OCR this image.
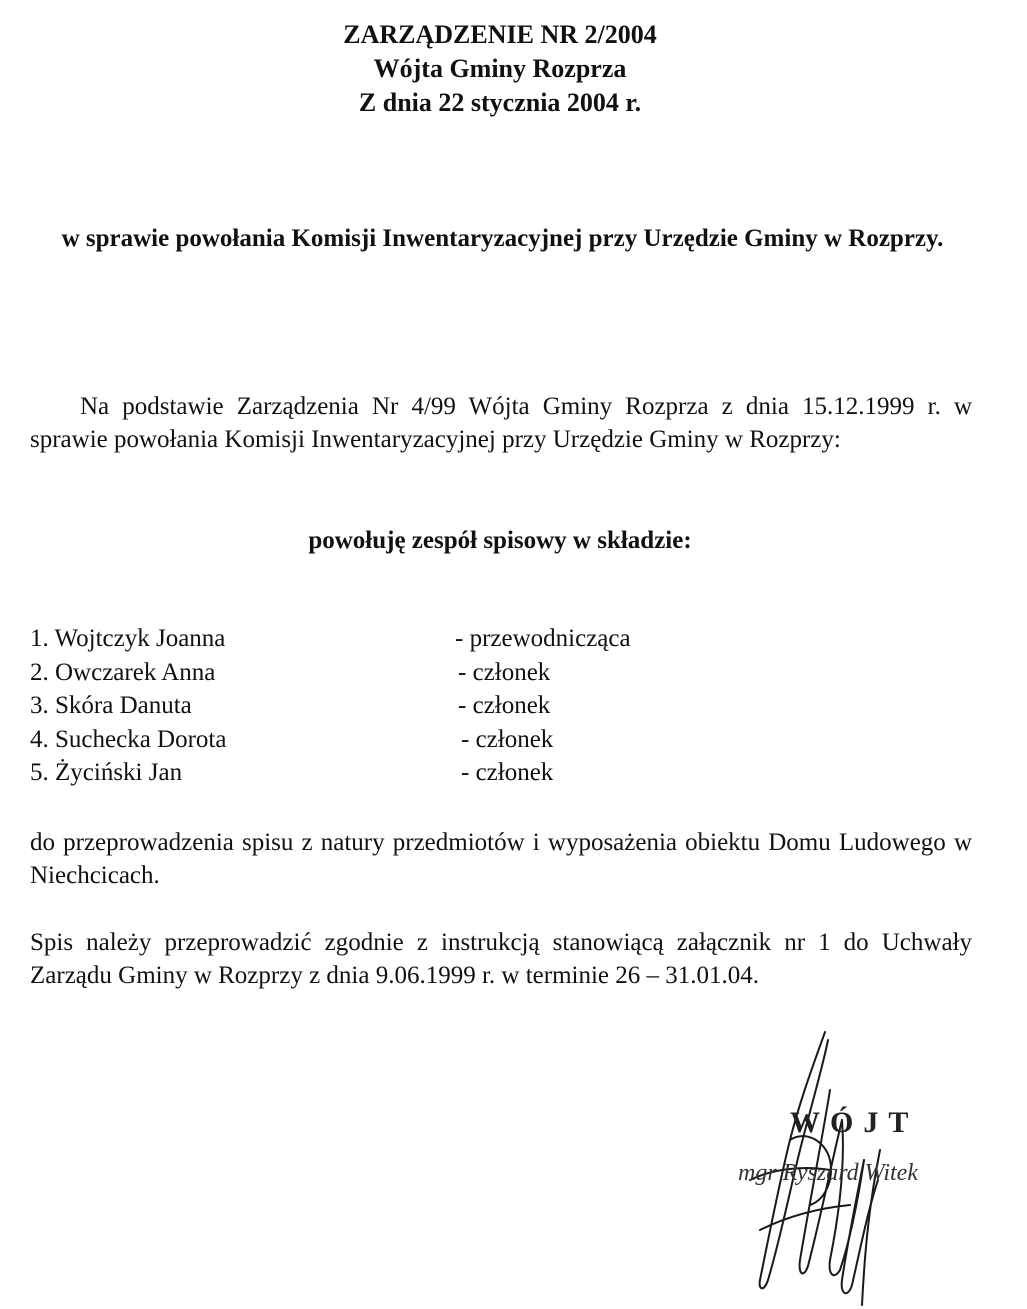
ZARZĄDZENIE NR 2/2004
Wójta Gminy Rozprza
Z dnia 22 stycznia 2004 r.
w sprawie powołania Komisji Inwentaryzacyjnej przy Urzędzie Gminy w Rozprzy.
Na podstawie Zarządzenia Nr 4/99 Wójta Gminy Rozprza z dnia 15.12.1999 r. w sprawie powołania Komisji Inwentaryzacyjnej przy Urzędzie Gminy w Rozprzy:
powołuję zespół spisowy w składzie:
1. Wojtczyk Joanna	- przewodnicząca
2. Owczarek Anna	- członek
3. Skóra Danuta	- członek
4. Suchecka Dorota	- członek
5. Życiński Jan	- członek
do przeprowadzenia spisu z natury przedmiotów i wyposażenia obiektu Domu Ludowego w Niechcicach.
Spis należy przeprowadzić zgodnie z instrukcją stanowiącą załącznik nr 1 do Uchwały Zarządu Gminy w Rozprzy z dnia 9.06.1999 r. w terminie 26 – 31.01.04.
WÓJT
mgr Ryszard Witek
